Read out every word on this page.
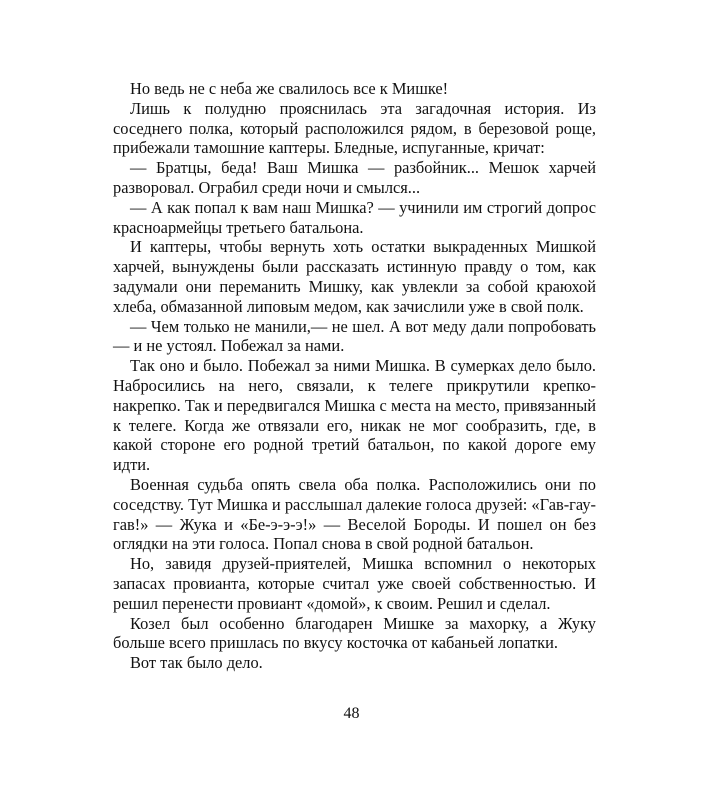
Но ведь не с неба же свалилось все к Мишке!

Лишь к полудню прояснилась эта загадочная история. Из соседнего полка, который расположился рядом, в березовой роще, прибежали тамошние каптеры. Бледные, испуганные, кричат:

— Братцы, беда! Ваш Мишка — разбойник... Мешок харчей разворовал. Ограбил среди ночи и смылся...

— А как попал к вам наш Мишка? — учинили им строгий допрос красноармейцы третьего батальона.

И каптеры, чтобы вернуть хоть остатки выкраденных Мишкой харчей, вынуждены были рассказать истинную правду о том, как задумали они переманить Мишку, как увлекли за собой краюхой хлеба, обмазанной липовым медом, как зачислили уже в свой полк.

— Чем только не манили,— не шел. А вот меду дали попробовать — и не устоял. Побежал за нами.

Так оно и было. Побежал за ними Мишка. В сумерках дело было. Набросились на него, связали, к телеге прикрутили крепко-накрепко. Так и передвигался Мишка с места на место, привязанный к телеге. Когда же отвязали его, никак не мог сообразить, где, в какой стороне его родной третий батальон, по какой дороге ему идти.

Военная судьба опять свела оба полка. Расположились они по соседству. Тут Мишка и расслышал далекие голоса друзей: «Гав-гау-гав!» — Жука и «Бе-э-э-э!» — Веселой Бороды. И пошел он без оглядки на эти голоса. Попал снова в свой родной батальон.

Но, завидя друзей-приятелей, Мишка вспомнил о некоторых запасах провианта, которые считал уже своей собственностью. И решил перенести провиант «домой», к своим. Решил и сделал.

Козел был особенно благодарен Мишке за махорку, а Жуку больше всего пришлась по вкусу косточка от кабаньей лопатки.

Вот так было дело.

48
